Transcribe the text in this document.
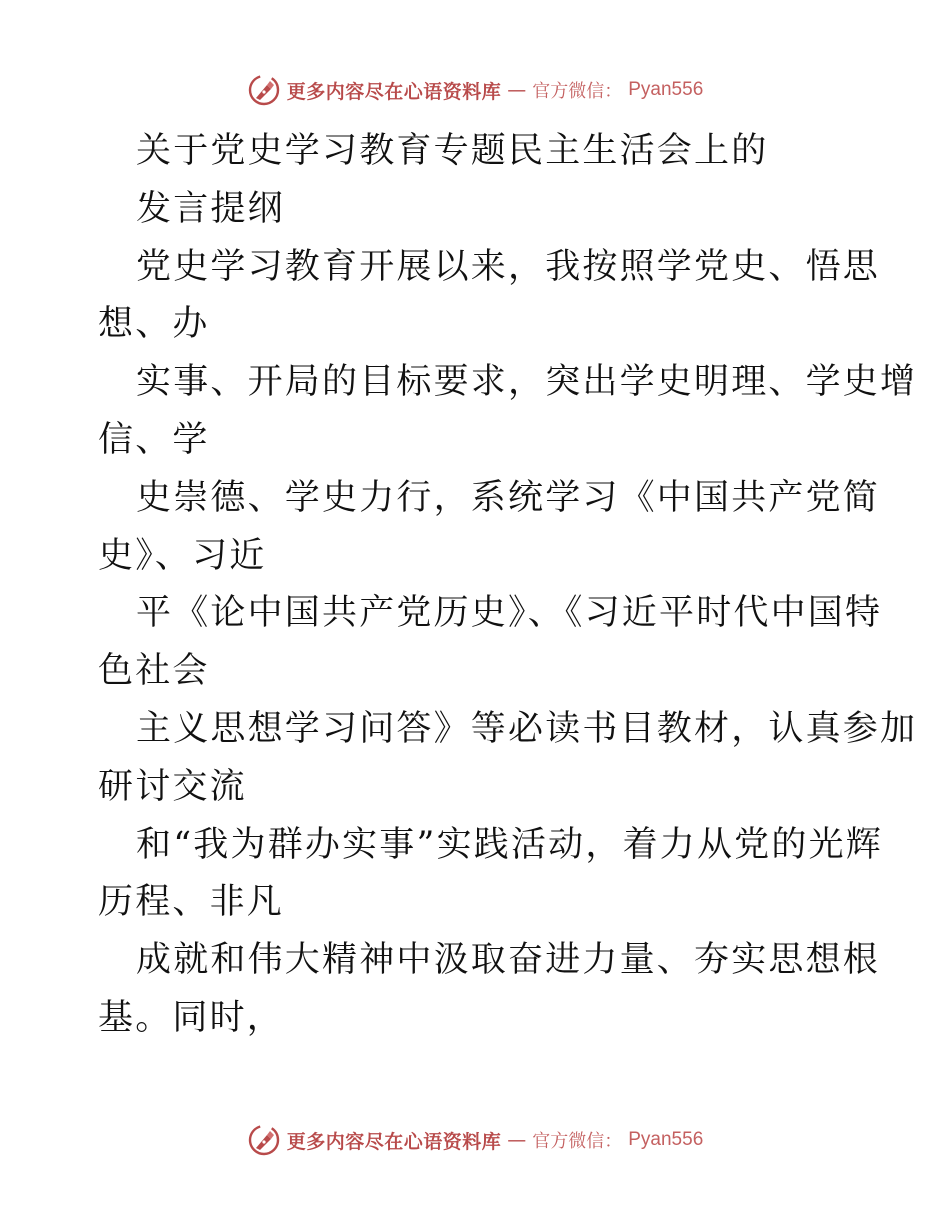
更多内容尽在心语资料库 — 官方微信： Pyan556
关于党史学习教育专题民主生活会上的
发言提纲
党史学习教育开展以来，我按照学党史、悟思
想、办
实事、开局的目标要求，突出学史明理、学史增
信、学
史崇德、学史力行，系统学习《中国共产党简
史》、习近
平《论中国共产党历史》、《习近平时代中国特
色社会
主义思想学习问答》等必读书目教材，认真参加
研讨交流
和“我为群办实事”实践活动，着力从党的光辉
历程、非凡
成就和伟大精神中汲取奋进力量、夯实思想根
基。同时，
更多内容尽在心语资料库 — 官方微信： Pyan556
